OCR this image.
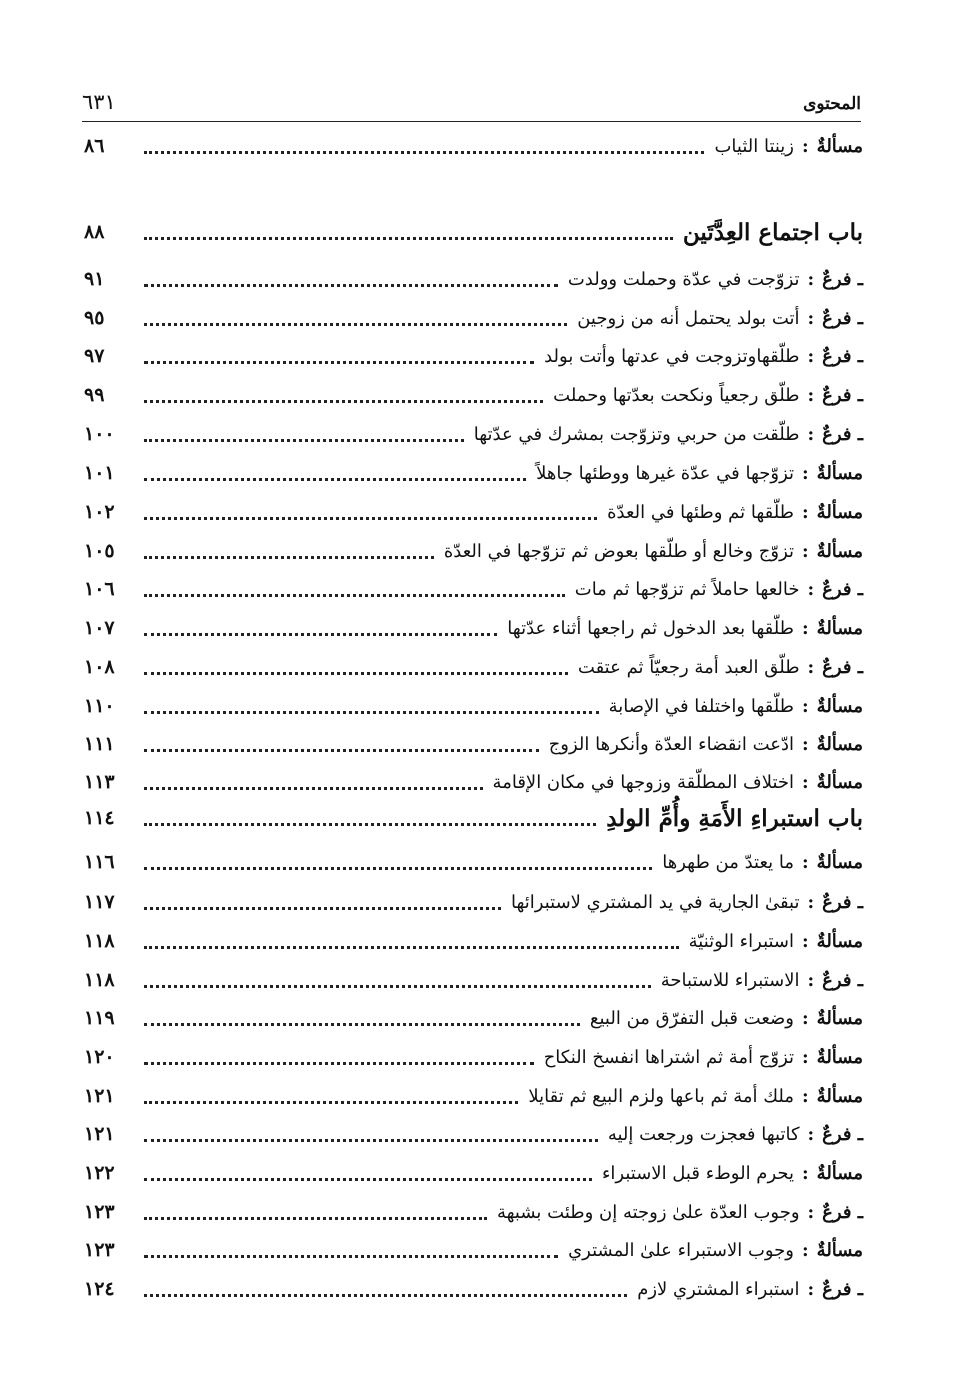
٦٣١	المحتوى
مسألةٌ
:
زينتا الثياب
٨٦
باب اجتماع العِدَّتَين
٨٨
ـ فرعٌ
:
تزوّجت في عدّة وحملت وولدت
٩١
ـ فرعٌ
:
أتت بولد يحتمل أنه من زوجين
٩٥
ـ فرعٌ
:
طلّقهاوتزوجت في عدتها وأتت بولد
٩٧
ـ فرعٌ
:
طلّق رجعياً ونكحت بعدّتها وحملت
٩٩
ـ فرعٌ
:
طلّقت من حربي وتزوّجت بمشرك في عدّتها
١٠٠
مسألةٌ
:
تزوّجها في عدّة غيرها ووطئها جاهلاً
١٠١
مسألةٌ
:
طلّقها ثم وطئها في العدّة
١٠٢
مسألةٌ
:
تزوّج وخالع أو طلّقها بعوض ثم تزوّجها في العدّة
١٠٥
ـ فرعٌ
:
خالعها حاملاً ثم تزوّجها ثم مات
١٠٦
مسألةٌ
:
طلّقها بعد الدخول ثم راجعها أثناء عدّتها
١٠٧
ـ فرعٌ
:
طلّق العبد أمة رجعيّاً ثم عتقت
١٠٨
مسألةٌ
:
طلّقها واختلفا في الإصابة
١١٠
مسألةٌ
:
ادّعت انقضاء العدّة وأنكرها الزوج
١١١
مسألةٌ
:
اختلاف المطلّقة وزوجها في مكان الإقامة
١١٣
باب استبراءِ الأَمَةِ وأُمِّ الولدِ
١١٤
مسألةٌ
:
ما يعتدّ من طهرها
١١٦
ـ فرعٌ
:
تبقىٰ الجارية في يد المشتري لاستبرائها
١١٧
مسألةٌ
:
استبراء الوثنيّة
١١٨
ـ فرعٌ
:
الاستبراء للاستباحة
١١٨
مسألةٌ
:
وضعت قبل التفرّق من البيع
١١٩
مسألةٌ
:
تزوّج أمة ثم اشتراها انفسخ النكاح
١٢٠
مسألةٌ
:
ملك أمة ثم باعها ولزم البيع ثم تقايلا
١٢١
ـ فرعٌ
:
كاتبها فعجزت ورجعت إليه
١٢١
مسألةٌ
:
يحرم الوطء قبل الاستبراء
١٢٢
ـ فرعٌ
:
وجوب العدّة علىٰ زوجته إن وطئت بشبهة
١٢٣
مسألةٌ
:
وجوب الاستبراء علىٰ المشتري
١٢٣
ـ فرعٌ
:
استبراء المشتري لازم
١٢٤
